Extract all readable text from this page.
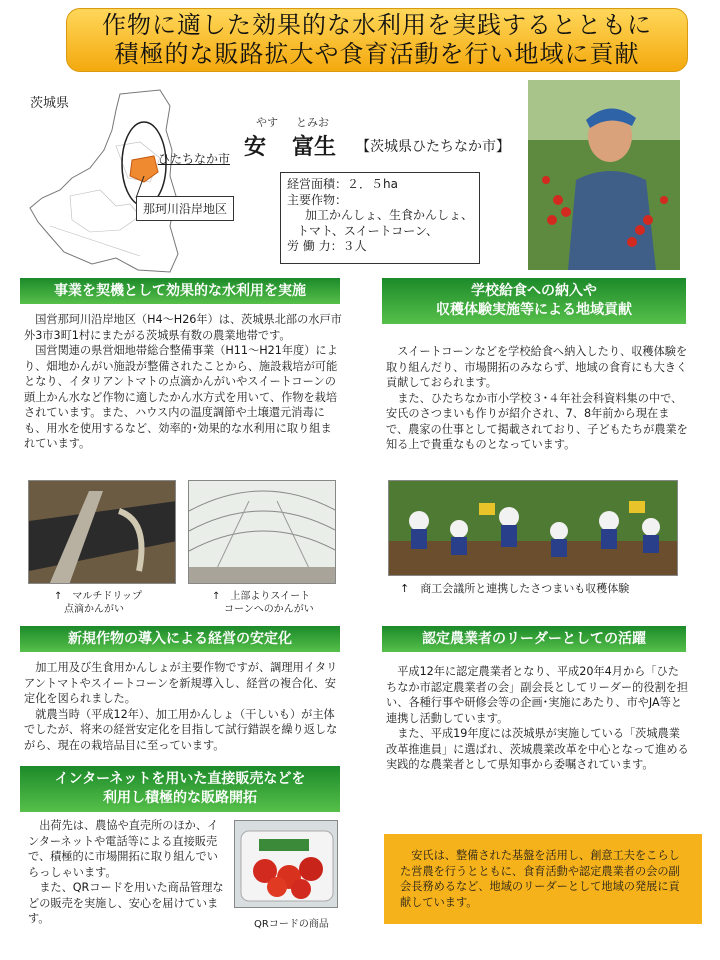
作物に適した効果的な水利用を実践するとともに
積極的な販路拡大や食育活動を行い地域に貢献
茨城県
ひたちなか市
那珂川沿岸地区
やす とみお
安 富生 【茨城県ひたちなか市】
経営面積：２．５ha
主要作物：
加工かんしょ、生食かんしょ、
トマト、スイートコーン、
労 働 力：３人
事業を契機として効果的な水利用を実施

国営那珂川沿岸地区（H4〜H26年）は、茨城県北部の水戸市外3市3町1村にまたがる茨城県有数の農業地帯です。

国営関連の県営畑地帯総合整備事業（H11〜H21年度）により、畑地かんがい施設が整備されたことから、施設栽培が可能となり、イタリアントマトの点滴かんがいやスイートコーンの頭上かん水など作物に適したかん水方式を用いて、作物を栽培されています。また、ハウス内の温度調節や土壌還元消毒にも、用水を使用するなど、効率的･効果的な水利用に取り組まれています。

↑　マルチドリップ
点滴かんがい
↑　上部よりスイート
コーンへのかんがい
学校給食への納入や
収穫体験実施等による地域貢献

スイートコーンなどを学校給食へ納入したり、収穫体験を取り組んだり、市場開拓のみならず、地域の食育にも大きく貢献しておられます。

また、ひたちなか市小学校３･４年社会科資料集の中で、安氏のさつまいも作りが紹介され、7、8年前から現在まで、農家の仕事として掲載されており、子どもたちが農業を知る上で貴重なものとなっています。

↑　商工会議所と連携したさつまいも収穫体験
新規作物の導入による経営の安定化

加工用及び生食用かんしょが主要作物ですが、調理用イタリアントマトやスイートコーンを新規導入し、経営の複合化、安定化を図られました。

就農当時（平成12年）、加工用かんしょ（干しいも）が主体でしたが、将来の経営安定化を目指して試行錯誤を繰り返しながら、現在の栽培品目に至っています。

認定農業者のリーダーとしての活躍

平成12年に認定農業者となり、平成20年4月から「ひたちなか市認定農業者の会」副会長としてリーダー的役割を担い、各種行事や研修会等の企画･実施にあたり、市やJA等と連携し活動しています。

また、平成19年度には茨城県が実施している「茨城農業改革推進員」に選ばれ、茨城農業改革を中心となって進める実践的な農業者として県知事から委嘱されています。

インターネットを用いた直接販売などを
利用し積極的な販路開拓

出荷先は、農協や直売所のほか、インターネットや電話等による直接販売で、積極的に市場開拓に取り組んでいらっしゃいます。

また、QRコードを用いた商品管理などの販売を実施し、安心を届けています。	QRコードの商品

安氏は、整備された基盤を活用し、創意工夫をこらした営農を行うとともに、食育活動や認定農業者の会の副会長務めるなど、地域のリーダーとして地域の発展に貢献しています。
